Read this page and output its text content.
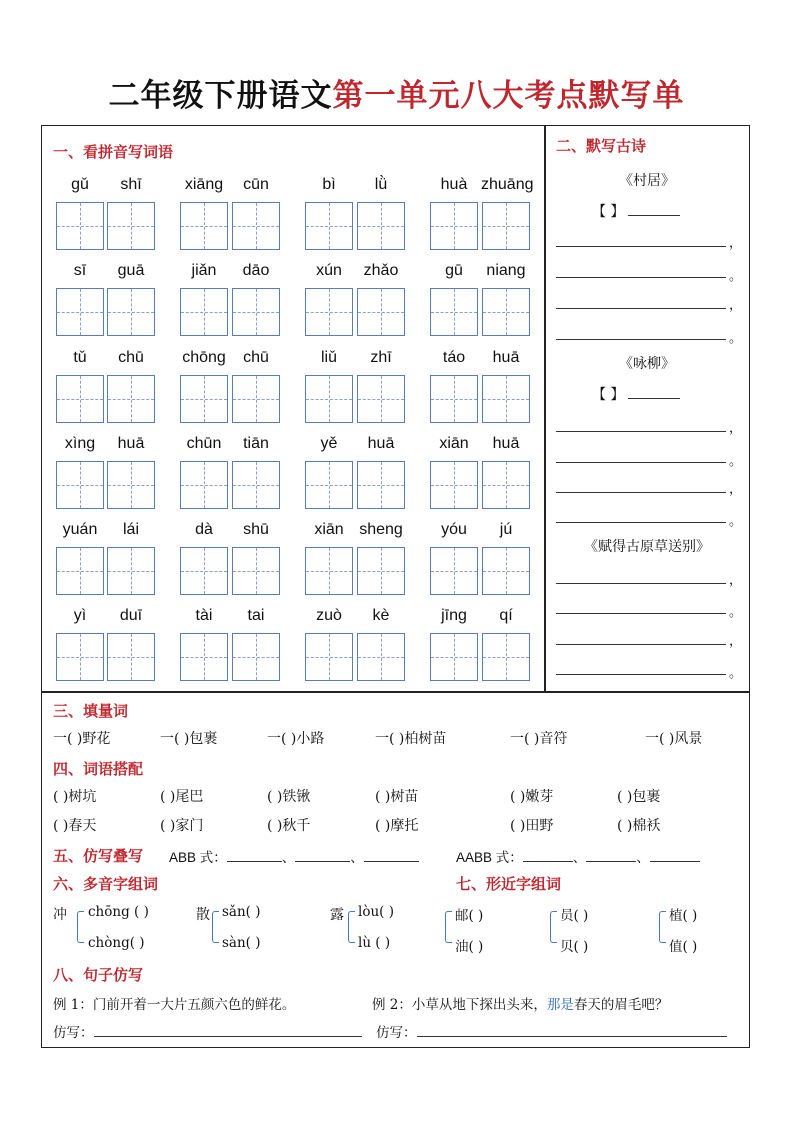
二年级下册语文第一单元八大考点默写单
一、看拼音写词语
gǔ	shī	xiāng	cūn	bì	lǜ	huà zhuāng
sī	guā	jiǎn	dāo	xún	zhǎo	gū	niang
tǔ	chū	chōng	chū	liǔ	zhī	táo	huā
xìng	huā	chūn	tiān	yě	huā	xiān	huā
yuán	lái	dà	shū	xiān sheng	yóu	jú
yì	duī	tài	tai	zuò	kè	jīng	qí
二、默写古诗
《村居》
【 】
，
。
，
。
《咏柳》
【 】
，
。
，
。
《赋得古原草送别》
，
。
，
。
三、填量词
一( )野花	一( )包裹	一( )小路	一( )柏树苗	一( )音符	一( )风景
四、词语搭配
( )树坑	( )尾巴	( )铁锹	( )树苗	( )嫩芽	( )包裹
( )春天	( )家门	( )秋千	( )摩托	( )田野	( )棉袄
五、仿写叠写 ABB 式：	、	、	AABB 式：	、	、
六、多音字组词	七、形近字组词
冲 chōng ( )
chòng( )
散 sǎn( )
sàn( )
露 lòu( )
lù ( )
邮( )
油( )
员( )
贝( )
植( )
值( )
八、句子仿写
例 1：门前开着一大片五颜六色的鲜花。	例 2：小草从地下探出头来，那是春天的眉毛吧？
仿写：	仿写：
